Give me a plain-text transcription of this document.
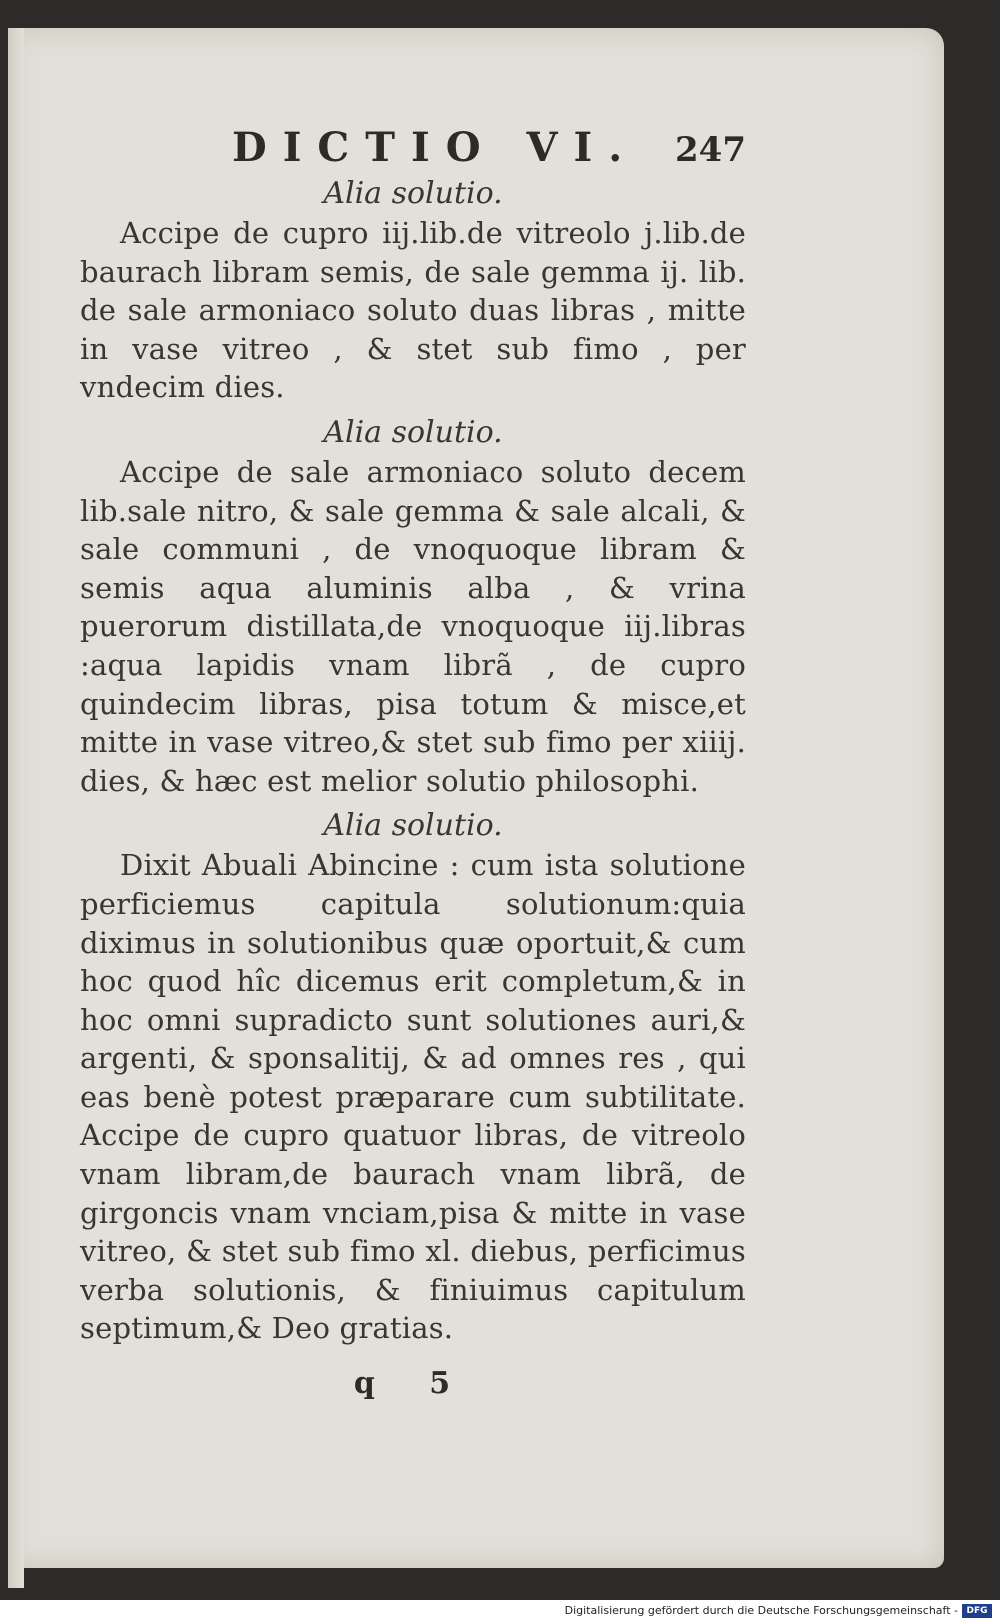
DICTIO VI. 247

Alia solutio.

Accipe de cupro iij.lib.de vitreolo j.lib.de baurach libram semis, de sale gemma ij. lib. de sale armoniaco soluto duas libras , mitte in vase vitreo , & stet sub fimo , per vndecim dies.

Alia solutio.

Accipe de sale armoniaco soluto decem lib.sale nitro, & sale gemma & sale alcali, & sale communi , de vnoquoque libram & semis aqua aluminis alba , & vrina puerorum distillata,de vnoquoque iij.libras :aqua lapidis vnam librã , de cupro quindecim libras, pisa totum & misce,et mitte in vase vitreo,& stet sub fimo per xiiij. dies, & hæc est melior solutio philosophi.

Alia solutio.

Dixit Abuali Abincine : cum ista solutione perficiemus capitula solutionum:quia diximus in solutionibus quæ oportuit,& cum hoc quod hîc dicemus erit completum,& in hoc omni supradicto sunt solutiones auri,& argenti, & sponsalitij, & ad omnes res , qui eas benè potest præparare cum subtilitate. Accipe de cupro quatuor libras, de vitreolo vnam libram,de baurach vnam librã, de girgoncis vnam vnciam,pisa & mitte in vase vitreo, & stet sub fimo xl. diebus, perficimus verba solutionis, & finiuimus capitulum septimum,& Deo gratias.

q 5
Digitalisierung gefördert durch die Deutsche Forschungsgemeinschaft - DFG
